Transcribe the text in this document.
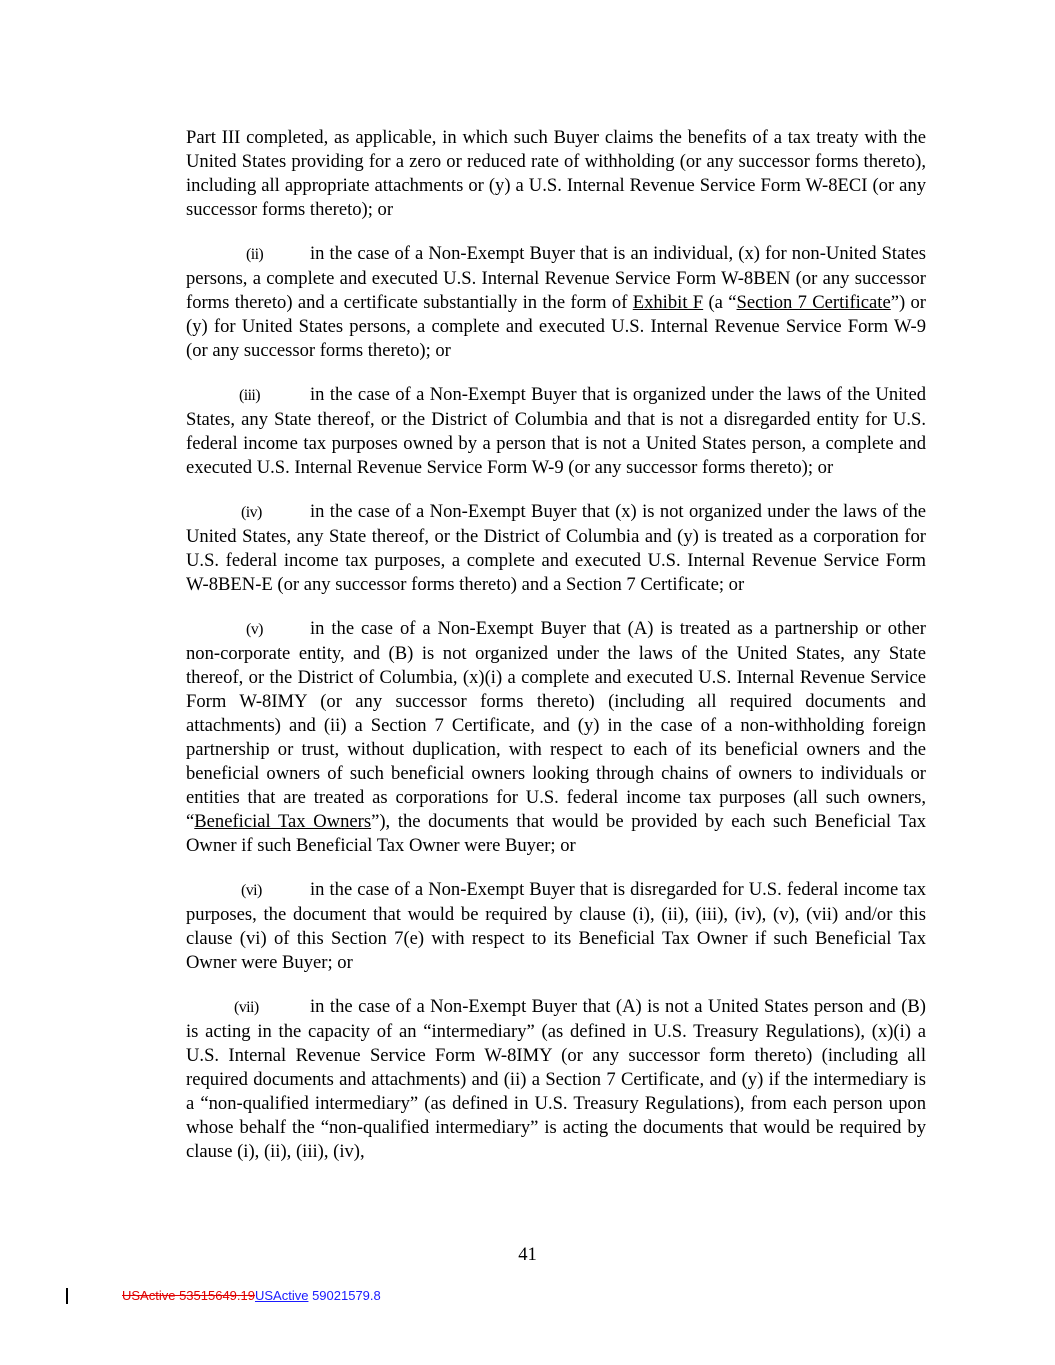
Part III completed, as applicable, in which such Buyer claims the benefits of a tax treaty with the United States providing for a zero or reduced rate of withholding (or any successor forms thereto), including all appropriate attachments or (y) a U.S. Internal Revenue Service Form W-8ECI (or any successor forms thereto); or

(ii)	in the case of a Non-Exempt Buyer that is an individual, (x) for non-United States persons, a complete and executed U.S. Internal Revenue Service Form W-8BEN (or any successor forms thereto) and a certificate substantially in the form of Exhibit F (a “Section 7 Certificate”) or (y) for United States persons, a complete and executed U.S. Internal Revenue Service Form W-9 (or any successor forms thereto); or

(iii)	in the case of a Non-Exempt Buyer that is organized under the laws of the United States, any State thereof, or the District of Columbia and that is not a disregarded entity for U.S. federal income tax purposes owned by a person that is not a United States person, a complete and executed U.S. Internal Revenue Service Form W-9 (or any successor forms thereto); or

(iv)	in the case of a Non-Exempt Buyer that (x) is not organized under the laws of the United States, any State thereof, or the District of Columbia and (y) is treated as a corporation for U.S. federal income tax purposes, a complete and executed U.S. Internal Revenue Service Form W-8BEN-E (or any successor forms thereto) and a Section 7 Certificate; or

(v)	in the case of a Non-Exempt Buyer that (A) is treated as a partnership or other non-corporate entity, and (B) is not organized under the laws of the United States, any State thereof, or the District of Columbia, (x)(i) a complete and executed U.S. Internal Revenue Service Form W-8IMY (or any successor forms thereto) (including all required documents and attachments) and (ii) a Section 7 Certificate, and (y) in the case of a non-withholding foreign partnership or trust, without duplication, with respect to each of its beneficial owners and the beneficial owners of such beneficial owners looking through chains of owners to individuals or entities that are treated as corporations for U.S. federal income tax purposes (all such owners, “Beneficial Tax Owners”), the documents that would be provided by each such Beneficial Tax Owner if such Beneficial Tax Owner were Buyer; or

(vi)	in the case of a Non-Exempt Buyer that is disregarded for U.S. federal income tax purposes, the document that would be required by clause (i), (ii), (iii), (iv), (v), (vii) and/or this clause (vi) of this Section 7(e) with respect to its Beneficial Tax Owner if such Beneficial Tax Owner were Buyer; or

(vii)	in the case of a Non-Exempt Buyer that (A) is not a United States person and (B) is acting in the capacity of an “intermediary” (as defined in U.S. Treasury Regulations), (x)(i) a U.S. Internal Revenue Service Form W-8IMY (or any successor form thereto) (including all required documents and attachments) and (ii) a Section 7 Certificate, and (y) if the intermediary is a “non-qualified intermediary” (as defined in U.S. Treasury Regulations), from each person upon whose behalf the “non-qualified intermediary” is acting the documents that would be required by clause (i), (ii), (iii), (iv),

41
USActive 53515649.19USActive 59021579.8
